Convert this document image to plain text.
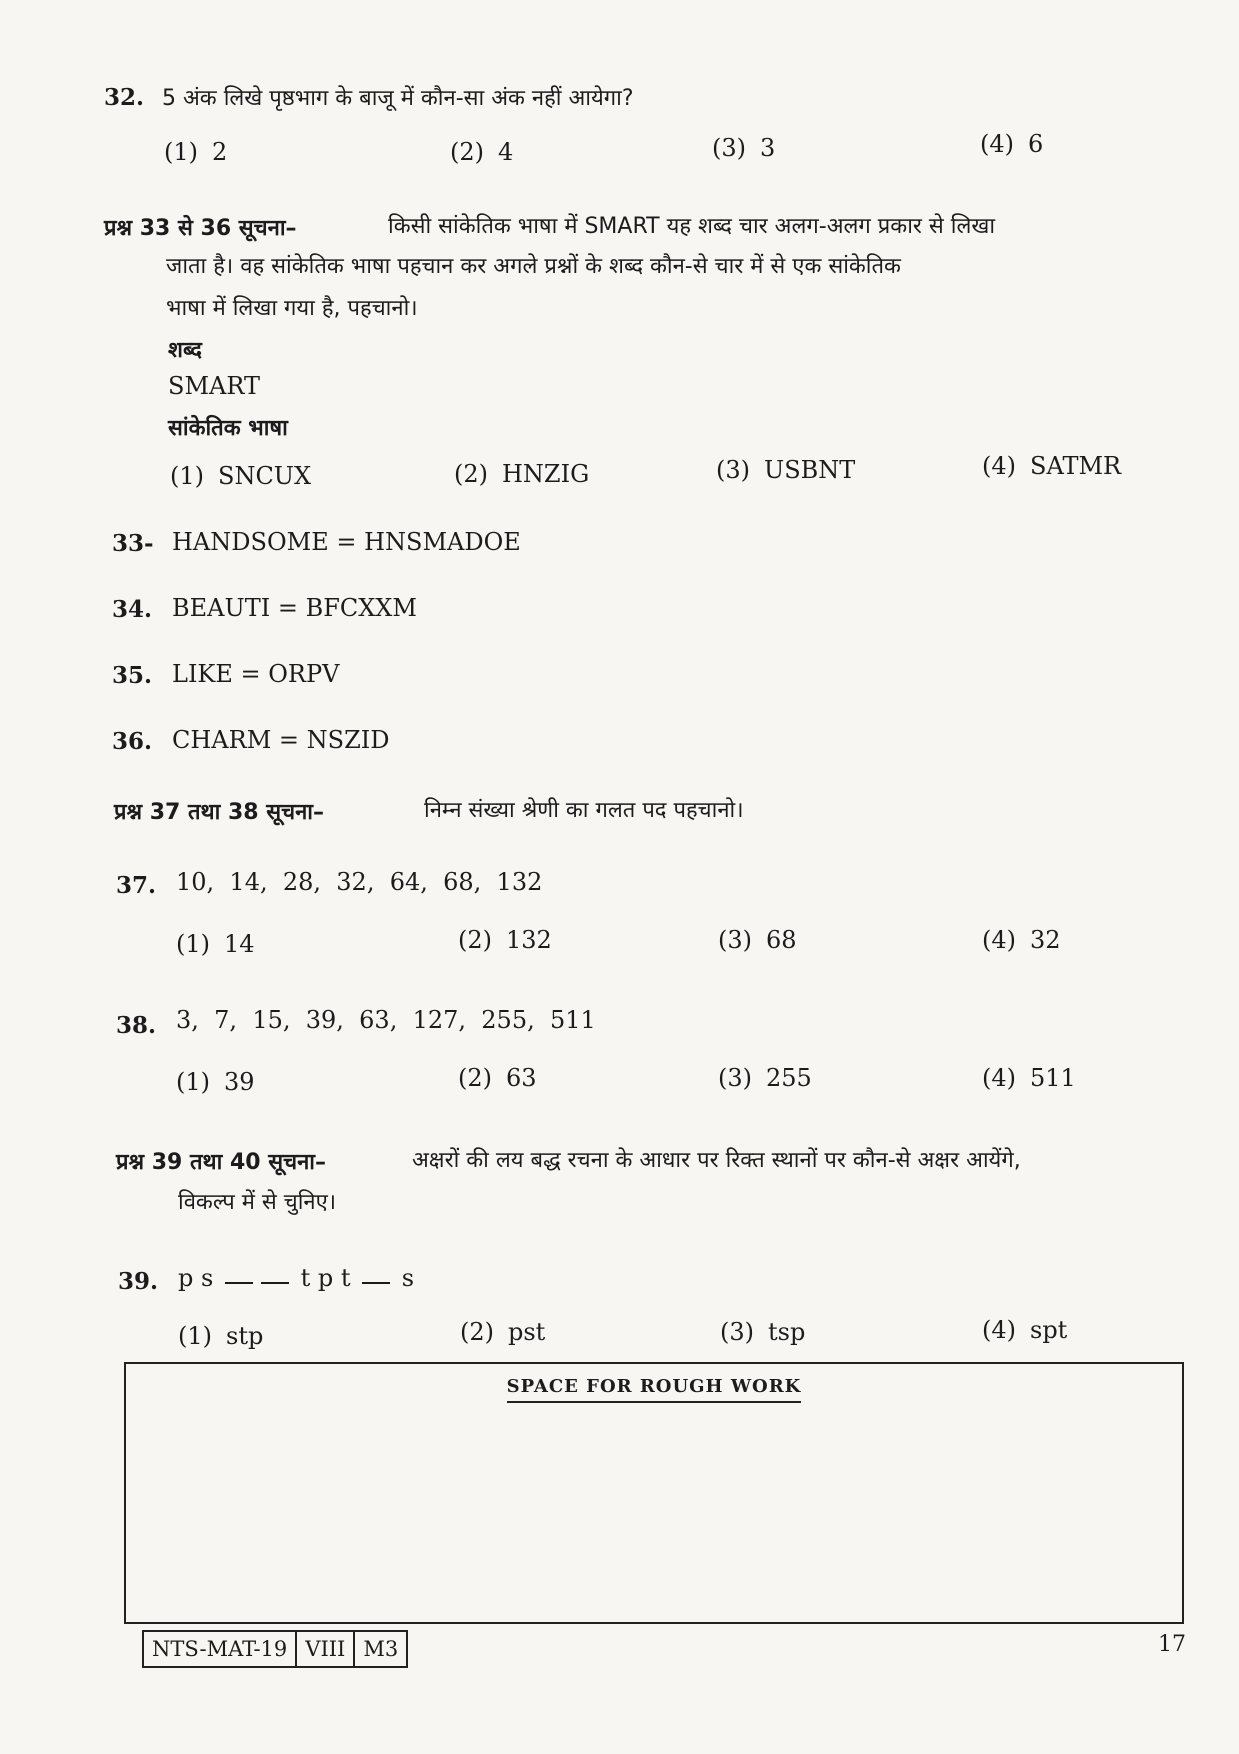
32. 5 अंक लिखे पृष्ठभाग के बाजू में कौन-सा अंक नहीं आयेगा?
(1) 2	(2) 4	(3) 3	(4) 6
प्रश्न 33 से 36 सूचना–	किसी सांकेतिक भाषा में SMART यह शब्द चार अलग-अलग प्रकार से लिखा
जाता है। वह सांकेतिक भाषा पहचान कर अगले प्रश्नों के शब्द कौन-से चार में से एक सांकेतिक
भाषा में लिखा गया है, पहचानो।
शब्द
SMART
सांकेतिक भाषा
(1) SNCUX	(2) HNZIG	(3) USBNT	(4) SATMR
33- HANDSOME = HNSMADOE
34. BEAUTI = BFCXXM
35. LIKE = ORPV
36. CHARM = NSZID
प्रश्न 37 तथा 38 सूचना–	निम्न संख्या श्रेणी का गलत पद पहचानो।
37. 10,  14,  28,  32,  64,  68,  132
(1) 14	(2) 132	(3) 68	(4) 32
38. 3,  7,  15,  39,  63,  127,  255,  511
(1) 39	(2) 63	(3) 255	(4) 511
प्रश्न 39 तथा 40 सूचना–	अक्षरों की लय बद्ध रचना के आधार पर रिक्त स्थानों पर कौन-से अक्षर आयेंगे,
विकल्प में से चुनिए।
39. p s	t p t s
(1) stp	(2) pst	(3) tsp	(4) spt
SPACE FOR ROUGH WORK
NTS-MAT-19 VIII M3	17
